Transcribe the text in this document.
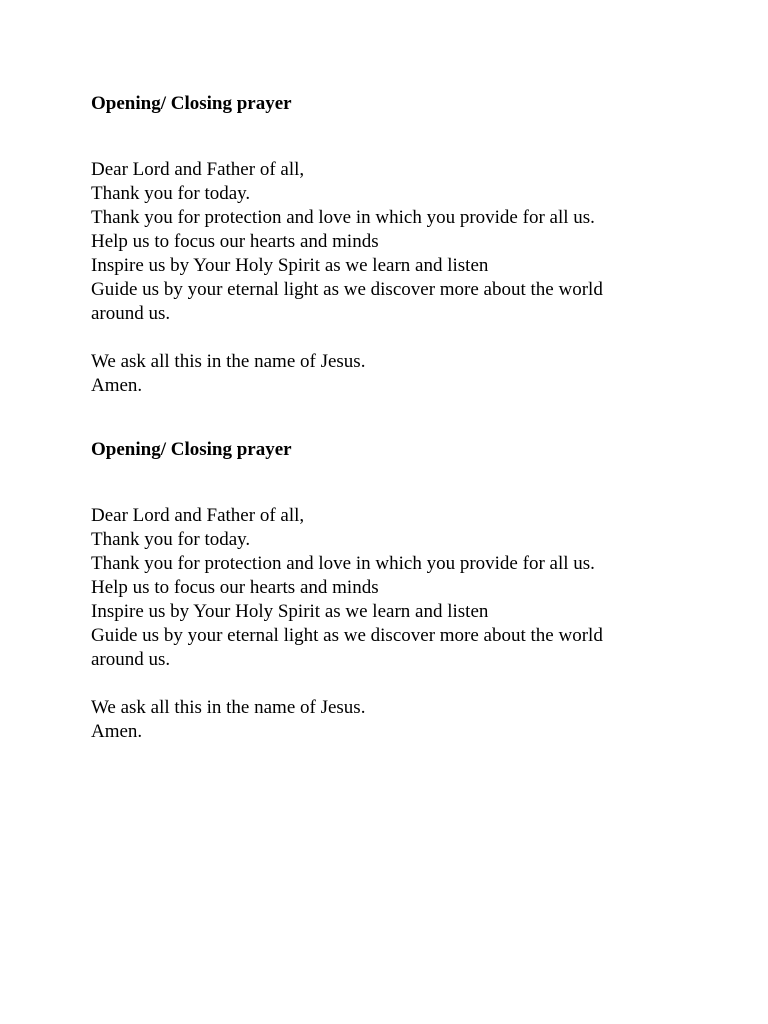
Opening/ Closing prayer
Dear Lord and Father of all,
Thank you for today.
Thank you for protection and love in which you provide for all us.
Help us to focus our hearts and minds
Inspire us by Your Holy Spirit as we learn and listen
Guide us by your eternal light as we discover more about the world around us.
We ask all this in the name of Jesus.
Amen.
Opening/ Closing prayer
Dear Lord and Father of all,
Thank you for today.
Thank you for protection and love in which you provide for all us.
Help us to focus our hearts and minds
Inspire us by Your Holy Spirit as we learn and listen
Guide us by your eternal light as we discover more about the world around us.
We ask all this in the name of Jesus.
Amen.
